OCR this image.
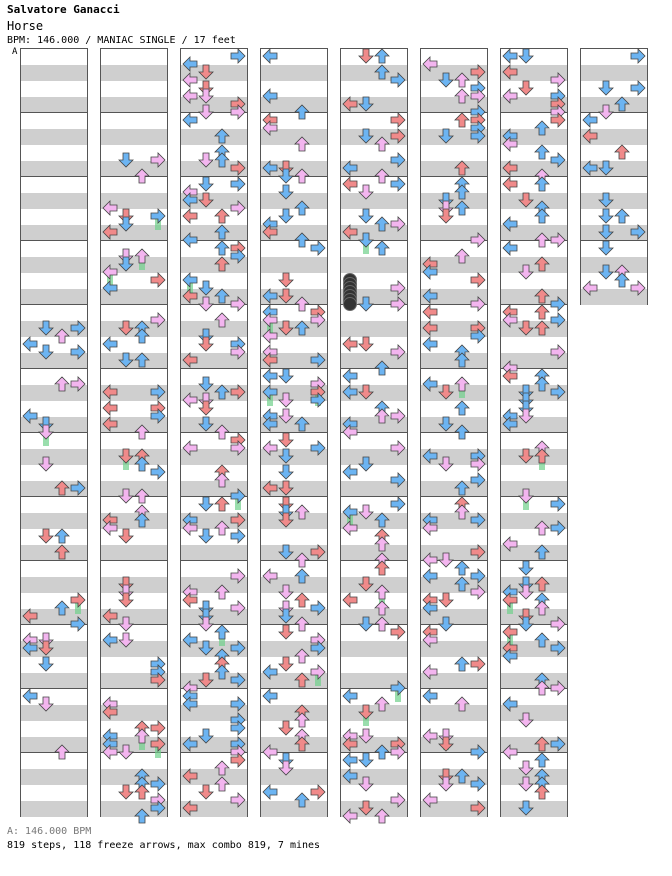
Salvatore Ganacci
Horse
BPM: 146.000 / MANIAC SINGLE / 17 feet
A
A: 146.000 BPM
819 steps, 118 freeze arrows, max combo 819, 7 mines
